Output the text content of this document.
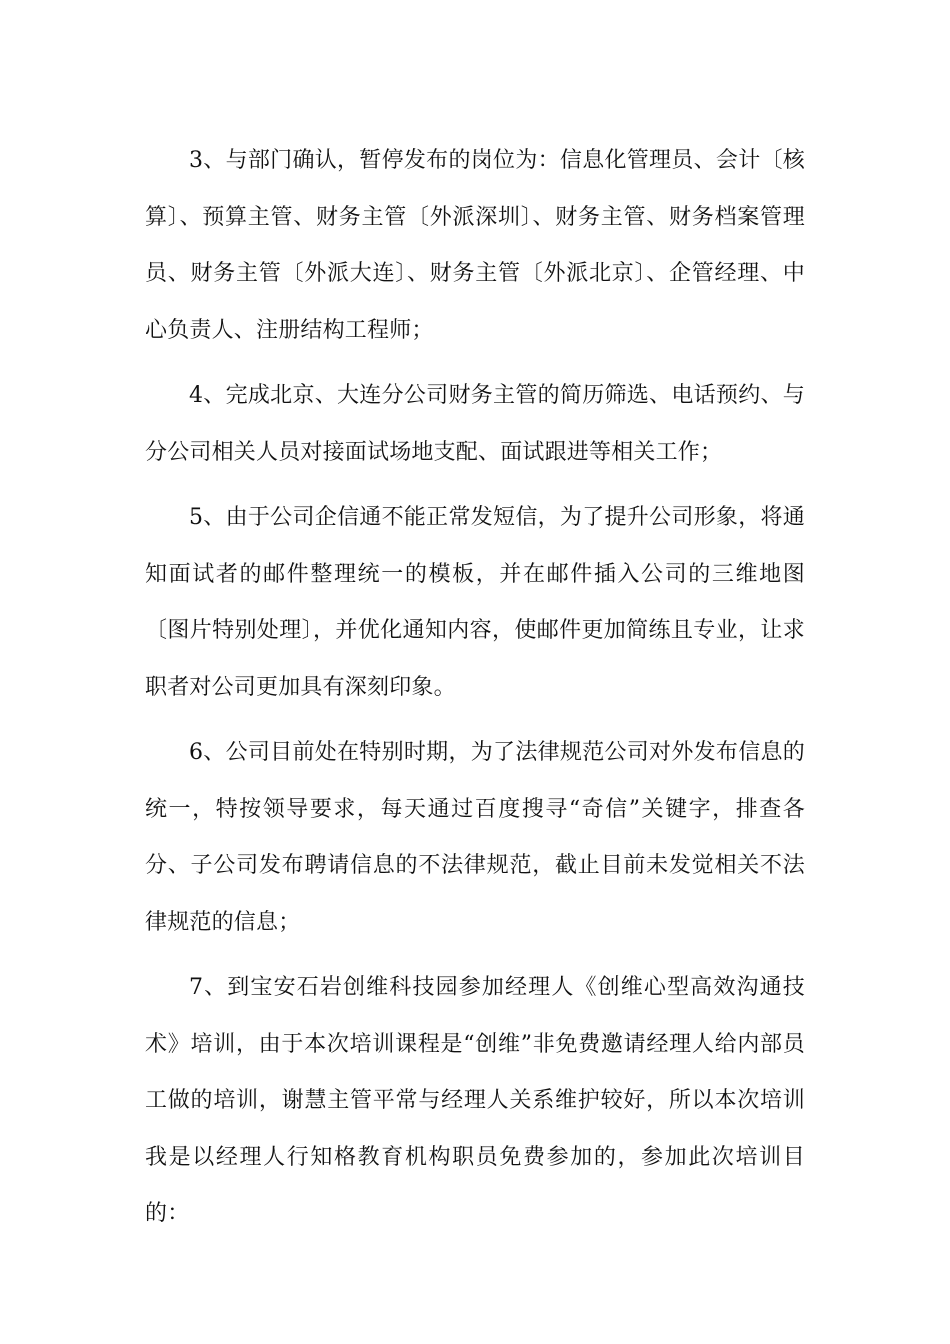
3、与部门确认，暂停发布的岗位为：信息化管理员、会计〔核算〕、预算主管、财务主管〔外派深圳〕、财务主管、财务档案管理员、财务主管〔外派大连〕、财务主管〔外派北京〕、企管经理、中心负责人、注册结构工程师；

4、完成北京、大连分公司财务主管的简历筛选、电话预约、与分公司相关人员对接面试场地支配、面试跟进等相关工作；

5、由于公司企信通不能正常发短信，为了提升公司形象，将通知面试者的邮件整理统一的模板，并在邮件插入公司的三维地图〔图片特别处理〕，并优化通知内容，使邮件更加简练且专业，让求职者对公司更加具有深刻印象。

6、公司目前处在特别时期，为了法律规范公司对外发布信息的统一，特按领导要求，每天通过百度搜寻“奇信”关键字，排查各分、子公司发布聘请信息的不法律规范，截止目前未发觉相关不法律规范的信息；

7、到宝安石岩创维科技园参加经理人《创维心型高效沟通技术》培训，由于本次培训课程是“创维”非免费邀请经理人给内部员工做的培训，谢慧主管平常与经理人关系维护较好，所以本次培训我是以经理人行知格教育机构职员免费参加的，参加此次培训目的：
